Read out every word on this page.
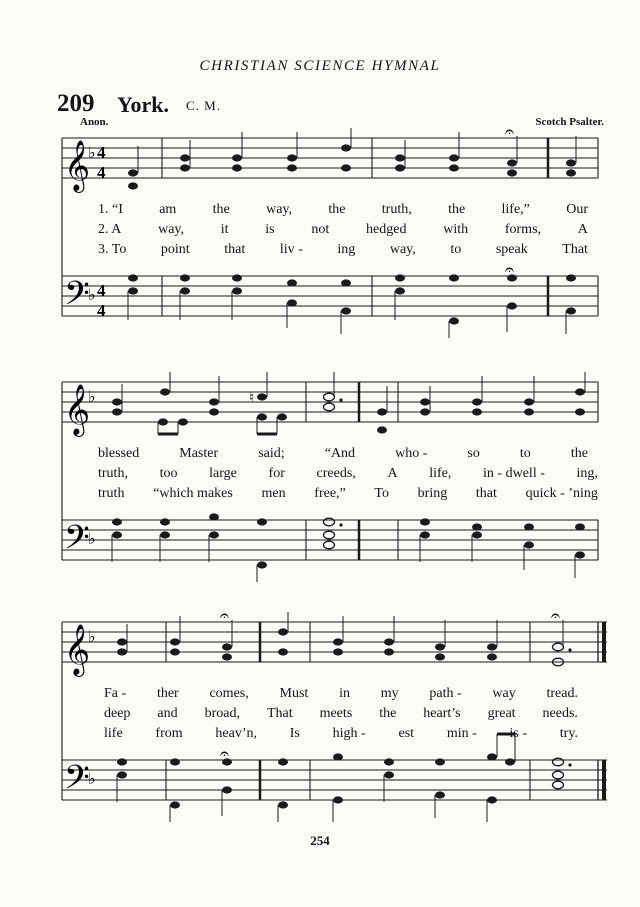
CHRISTIAN SCIENCE HYMNAL
209 York. C. M.
Anon.	Scotch Psalter.
𝄞
𝄢
♭
♭
4
4
4
4
𝄐
𝄐
1. “I	am	the	way,	the	truth,	the	life,”	Our
2. A	way,	it	is	not	hedged	with	forms,	A
3. To point that liv - ing way, to speak That
𝄞
𝄢
♭
♭
♮
blessed	Master	said;	“And	who -	so	to	the
truth, too large for creeds, A life, in - dwell - ing,
truth “which makes men free,” To bring that quick - ’ning
𝄞
𝄢
♭
♭
𝄐
𝄐
𝄐
Fa - ther comes, Must in my path - way tread.
deep and broad, That meets the heart’s great needs.
life from heav’n, Is high - est min - is - try.
254
